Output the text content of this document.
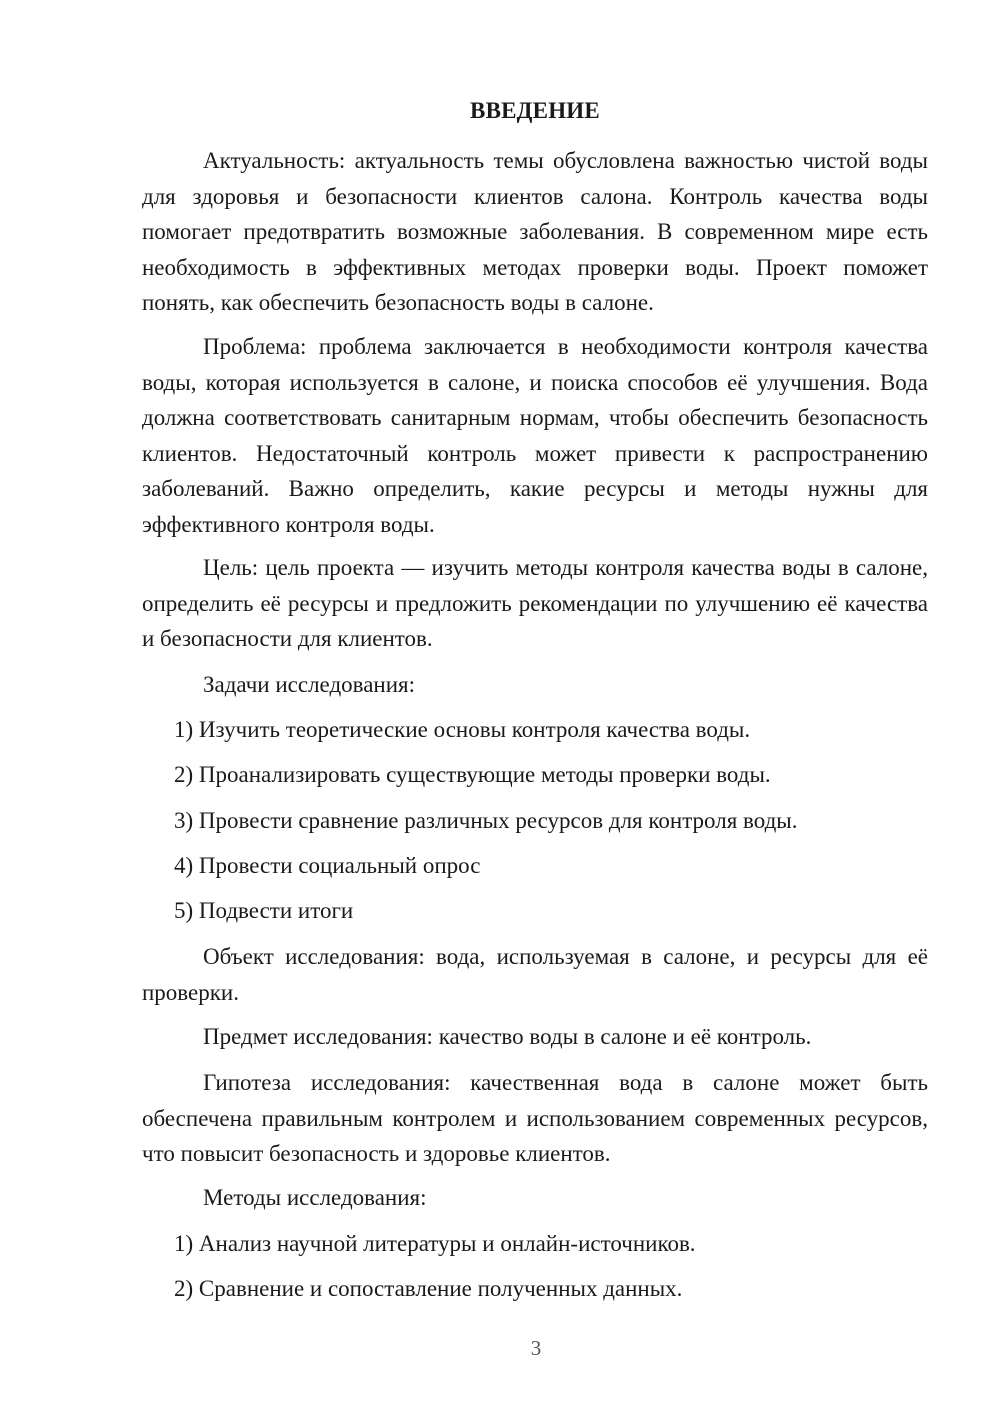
ВВЕДЕНИЕ

Актуальность: актуальность темы обусловлена важностью чистой воды для здоровья и безопасности клиентов салона. Контроль качества воды помогает предотвратить возможные заболевания. В современном мире есть необходимость в эффективных методах проверки воды. Проект поможет понять, как обеспечить безопасность воды в салоне.

Проблема: проблема заключается в необходимости контроля качества воды, которая используется в салоне, и поиска способов её улучшения. Вода должна соответствовать санитарным нормам, чтобы обеспечить безопасность клиентов. Недостаточный контроль может привести к распространению заболеваний. Важно определить, какие ресурсы и методы нужны для эффективного контроля воды.

Цель: цель проекта — изучить методы контроля качества воды в салоне, определить её ресурсы и предложить рекомендации по улучшению её качества и безопасности для клиентов.

Задачи исследования:
1) Изучить теоретические основы контроля качества воды.
2) Проанализировать существующие методы проверки воды.
3) Провести сравнение различных ресурсов для контроля воды.
4) Провести социальный опрос
5) Подвести итоги

Объект исследования: вода, используемая в салоне, и ресурсы для её проверки.

Предмет исследования: качество воды в салоне и её контроль.

Гипотеза исследования: качественная вода в салоне может быть обеспечена правильным контролем и использованием современных ресурсов, что повысит безопасность и здоровье клиентов.

Методы исследования:
1) Анализ научной литературы и онлайн-источников.
2) Сравнение и сопоставление полученных данных.
3
